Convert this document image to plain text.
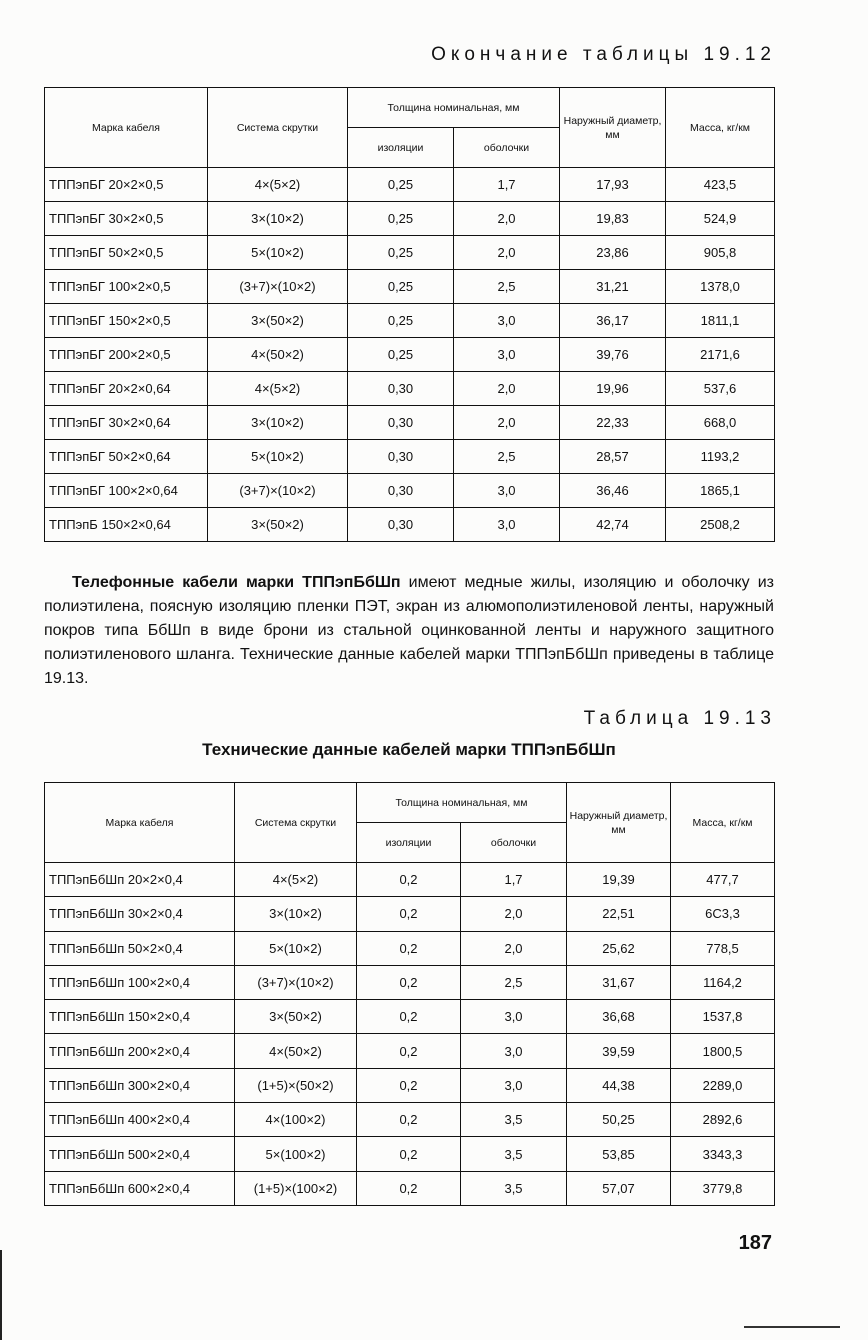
Окончание таблицы 19.12
Марка кабеля	Система скрутки	Толщина номинальная, мм		Наружный диаметр, мм	Масса, кг/км
		изоляции	оболочки		
ТППэпБГ 20×2×0,5	4×(5×2)	0,25	1,7	17,93	423,5
ТППэпБГ 30×2×0,5	3×(10×2)	0,25	2,0	19,83	524,9
ТППэпБГ 50×2×0,5	5×(10×2)	0,25	2,0	23,86	905,8
ТППэпБГ 100×2×0,5	(3+7)×(10×2)	0,25	2,5	31,21	1378,0
ТППэпБГ 150×2×0,5	3×(50×2)	0,25	3,0	36,17	1811,1
ТППэпБГ 200×2×0,5	4×(50×2)	0,25	3,0	39,76	2171,6
ТППэпБГ 20×2×0,64	4×(5×2)	0,30	2,0	19,96	537,6
ТППэпБГ 30×2×0,64	3×(10×2)	0,30	2,0	22,33	668,0
ТППэпБГ 50×2×0,64	5×(10×2)	0,30	2,5	28,57	1193,2
ТППэпБГ 100×2×0,64	(3+7)×(10×2)	0,30	3,0	36,46	1865,1
ТППэпБ 150×2×0,64	3×(50×2)	0,30	3,0	42,74	2508,2
Телефонные кабели марки ТППэпБбШп имеют медные жилы, изоляцию и оболочку из полиэтилена, поясную изоляцию пленки ПЭТ, экран из алюмополиэтиленовой ленты, наружный покров типа БбШп в виде брони из стальной оцинкованной ленты и наружного защитного полиэтиленового шланга. Технические данные кабелей марки ТППэпБбШп приведены в таблице 19.13.
Таблица 19.13
Технические данные кабелей марки ТППэпБбШп
Марка кабеля	Система скрутки	Толщина номинальная, мм		Наружный диаметр, мм	Масса, кг/км
		изоляции	оболочки		
ТППэпБбШп 20×2×0,4	4×(5×2)	0,2	1,7	19,39	477,7
ТППэпБбШп 30×2×0,4	3×(10×2)	0,2	2,0	22,51	6С3,3
ТППэпБбШп 50×2×0,4	5×(10×2)	0,2	2,0	25,62	778,5
ТППэпБбШп 100×2×0,4	(3+7)×(10×2)	0,2	2,5	31,67	1164,2
ТППэпБбШп 150×2×0,4	3×(50×2)	0,2	3,0	36,68	1537,8
ТППэпБбШп 200×2×0,4	4×(50×2)	0,2	3,0	39,59	1800,5
ТППэпБбШп 300×2×0,4	(1+5)×(50×2)	0,2	3,0	44,38	2289,0
ТППэпБбШп 400×2×0,4	4×(100×2)	0,2	3,5	50,25	2892,6
ТППэпБбШп 500×2×0,4	5×(100×2)	0,2	3,5	53,85	3343,3
ТППэпБбШп 600×2×0,4	(1+5)×(100×2)	0,2	3,5	57,07	3779,8
187
